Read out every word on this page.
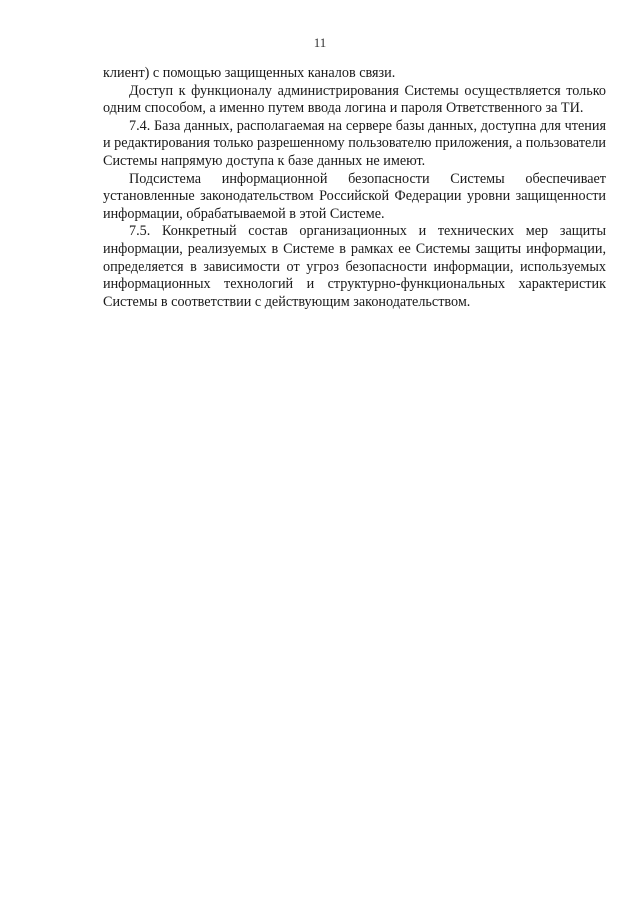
11

клиент) с помощью защищенных каналов связи.

Доступ к функционалу администрирования Системы осуществляется только одним способом, а именно путем ввода логина и пароля Ответственного за ТИ.

7.4. База данных, располагаемая на сервере базы данных, доступна для чтения и редактирования только разрешенному пользователю приложения, а пользователи Системы напрямую доступа к базе данных не имеют.

Подсистема информационной безопасности Системы обеспечивает установленные законодательством Российской Федерации уровни защищенности информации, обрабатываемой в этой Системе.

7.5. Конкретный состав организационных и технических мер защиты информации, реализуемых в Системе в рамках ее Системы защиты информации, определяется в зависимости от угроз безопасности информации, используемых информационных технологий и структурно-функциональных характеристик Системы в соответствии с действующим законодательством.
